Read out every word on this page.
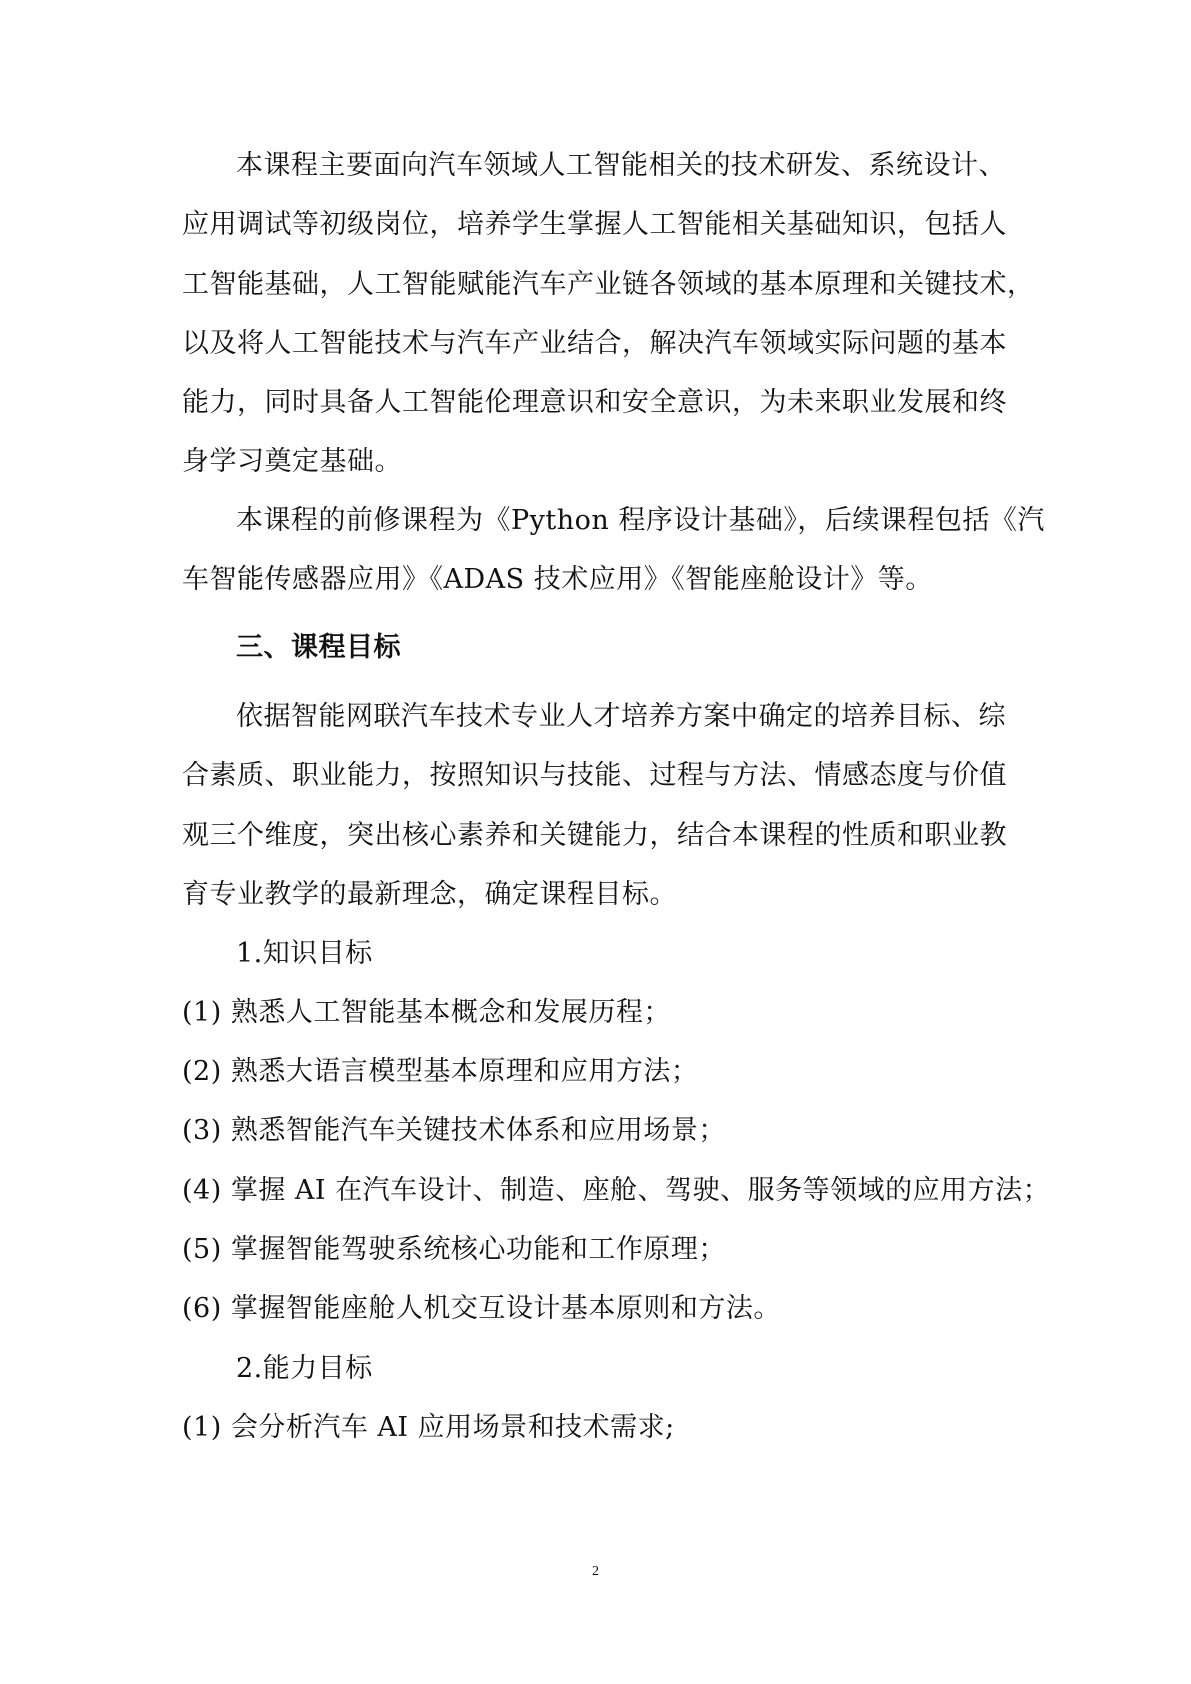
本课程主要面向汽车领域人工智能相关的技术研发、系统设计、
应用调试等初级岗位，培养学生掌握人工智能相关基础知识，包括人
工智能基础，人工智能赋能汽车产业链各领域的基本原理和关键技术，
以及将人工智能技术与汽车产业结合，解决汽车领域实际问题的基本
能力，同时具备人工智能伦理意识和安全意识，为未来职业发展和终
身学习奠定基础。
本课程的前修课程为《Python 程序设计基础》，后续课程包括《汽
车智能传感器应用》《ADAS 技术应用》《智能座舱设计》等。
三、课程目标
依据智能网联汽车技术专业人才培养方案中确定的培养目标、综
合素质、职业能力，按照知识与技能、过程与方法、情感态度与价值
观三个维度，突出核心素养和关键能力，结合本课程的性质和职业教
育专业教学的最新理念，确定课程目标。
1.知识目标
(1) 熟悉人工智能基本概念和发展历程；
(2) 熟悉大语言模型基本原理和应用方法；
(3) 熟悉智能汽车关键技术体系和应用场景；
(4) 掌握 AI 在汽车设计、制造、座舱、驾驶、服务等领域的应用方法；
(5) 掌握智能驾驶系统核心功能和工作原理；
(6) 掌握智能座舱人机交互设计基本原则和方法。
2.能力目标
(1) 会分析汽车 AI 应用场景和技术需求;
2
